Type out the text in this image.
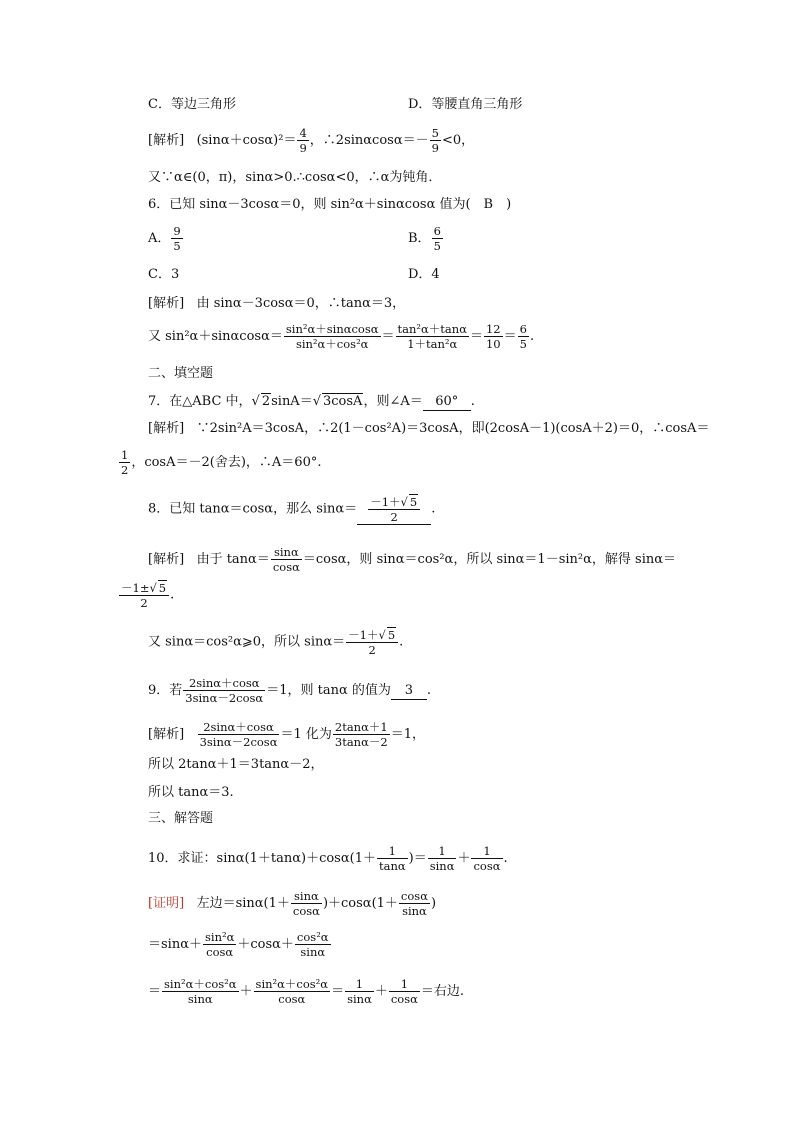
C．等边三角形	D．等腰直角三角形
[解析] $(\sin\alpha+\cos\alpha)^2= \frac{4}{9}$ ，∴2sinαcosα＝－ $\frac{5}{9} <0$，
又∵α∈(0，π)，sinα>0.∴cosα<0，∴α为钝角．
6．已知 sinα－3cosα＝0，则 sin²α＋sinαcosα 值为(　B　)
A． $\frac{9}{5}$	B． $\frac{6}{5}$
C．3	D．4
[解析] 由 sinα－3cosα＝0，∴tanα＝3，
又 $\sin^2\alpha+\sin\alpha\cos\alpha= \frac{\text{sin²α＋sinαcosα}}{\text{sin²α＋cos²α}} = \frac{\text{tan²α＋tanα}}{\text{1＋tan²α}} = \frac{12}{10} = \frac{6}{5}$ .
二、填空题
7．在△ABC 中，√ 2sinA＝√ 3cosA，则∠A＝ 60° .
[解析] ∵2sin²A＝3cosA，∴2(1－cos²A)＝3cosA，即(2cosA－1)(cosA＋2)＝0，∴cosA＝
$\frac{1}{2}$ ，cosA＝－2(舍去)，∴A＝60°.
8．已知 tanα＝cosα，那么 $\sin\alpha= \frac{-1+√ 5}{2}$ .
[解析] 由于 $\tan\alpha= \frac{\sin\alpha}{\cos\alpha} =\cos\alpha$，则 sinα＝cos²α，所以 sinα＝1－sin²α，解得 sinα＝
$\frac{-1\pm√ 5}{2}$ .
又 sinα＝cos²α⩾0，所以 $\sin\alpha= \frac{-1+√ 5}{2}$ .
9．若 $\frac{2\sin\alpha+\cos\alpha}{3\sin\alpha-2\cos\alpha} =1$，则 tanα 的值为 3 .
[解析] $\frac{2\sin\alpha+\cos\alpha}{3\sin\alpha-2\cos\alpha} =1$ 化为 $\frac{2\tan\alpha+1}{3\tan\alpha-2} =1$，
所以 2tanα＋1＝3tanα－2，
所以 tanα＝3.
三、解答题
10．求证：$\sin\alpha(1+\tan\alpha)+\cos\alpha(1+ \frac{1}{\tan\alpha}$ )＝ $\frac{1}{\sin\alpha} + \frac{1}{\cos\alpha}$ .
[证明] 左边$=\sin\alpha(1+ \frac{\sin\alpha}{\cos\alpha} )+\cos\alpha(1+ \frac{\cos\alpha}{\sin\alpha}$ )
$=\sin\alpha+ \frac{\text{sin²α}}{\cos\alpha} +\cos\alpha+ \frac{\text{cos²α}}{\sin\alpha}$
＝ $\frac{\text{sin²α＋cos²α}}{\sin\alpha} + \frac{\text{sin²α＋cos²α}}{\cos\alpha} = \frac{1}{\sin\alpha} + \frac{1}{\cos\alpha}$ ＝右边.
